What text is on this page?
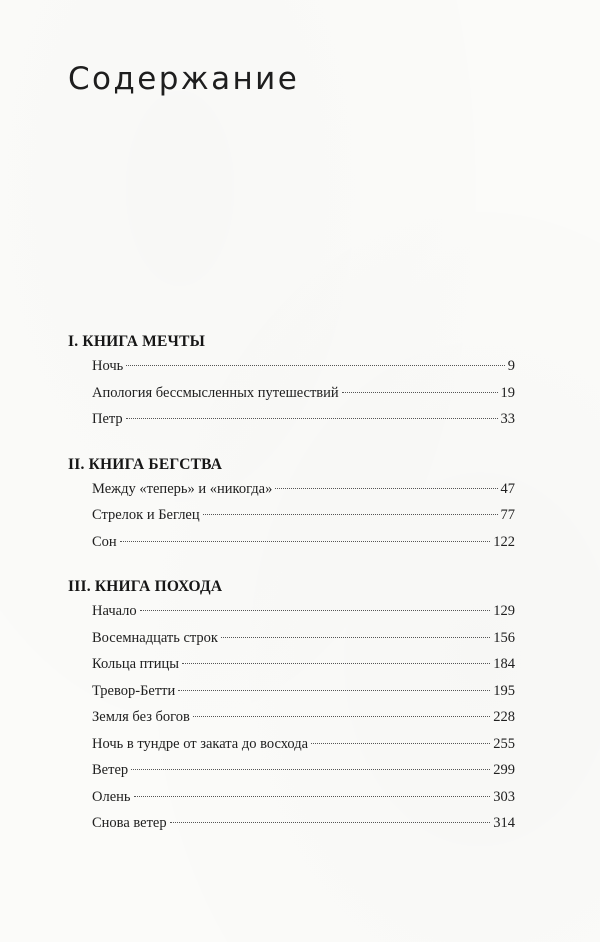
Содержание
I. КНИГА МЕЧТЫ
Ночь	9
Апология бессмысленных путешествий	19
Петр	33
II. КНИГА БЕГСТВА
Между «теперь» и «никогда»	47
Стрелок и Беглец	77
Сон	122
III. КНИГА ПОХОДА
Начало	129
Восемнадцать строк	156
Кольца птицы	184
Тревор-Бетти	195
Земля без богов	228
Ночь в тундре от заката до восхода	255
Ветер	299
Олень	303
Снова ветер	314
